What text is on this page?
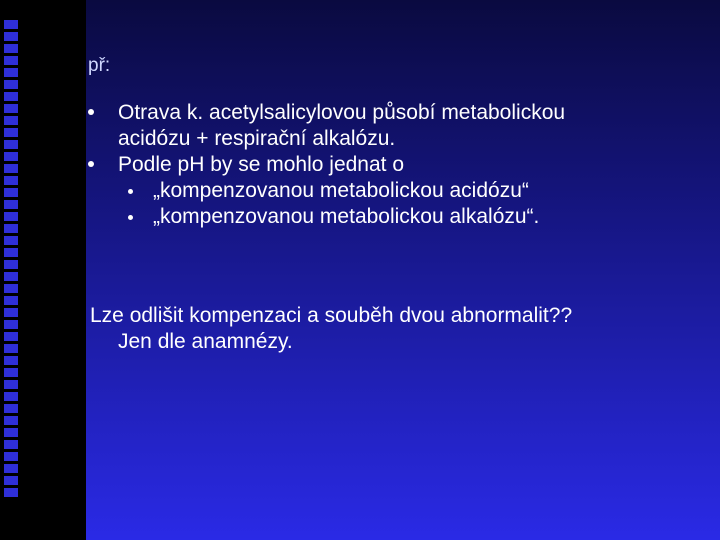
př:
Otrava k. acetylsalicylovou působí metabolickou
acidózu + respirační alkalózu.
Podle pH by se mohlo jednat o
„kompenzovanou metabolickou acidózu“
„kompenzovanou metabolickou alkalózu“.
Lze odlišit kompenzaci a souběh dvou abnormalit??
Jen dle anamnézy.
